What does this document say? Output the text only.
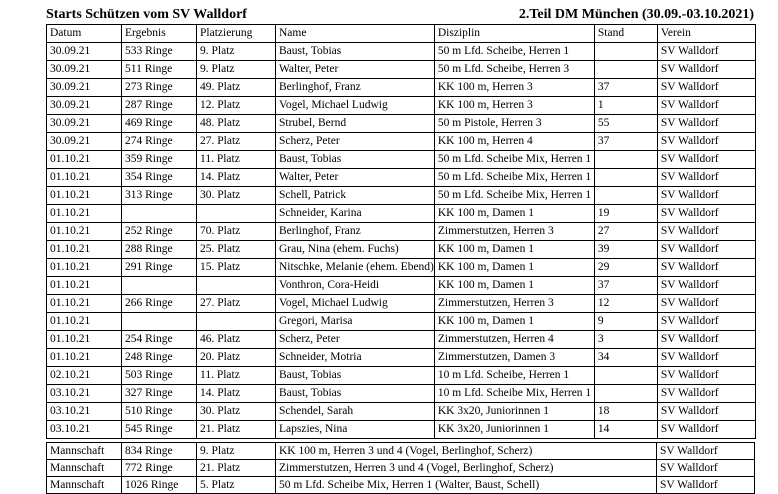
Starts Schützen vom SV Walldorf	2.Teil DM München (30.09.-03.10.2021)
Datum	Ergebnis	Platzierung	Name	Disziplin	Stand	Verein
30.09.21	533 Ringe	9. Platz	Baust, Tobias	50 m Lfd. Scheibe, Herren 1		SV Walldorf
30.09.21	511 Ringe	9. Platz	Walter, Peter	50 m Lfd. Scheibe, Herren 3		SV Walldorf
30.09.21	273 Ringe	49. Platz	Berlinghof, Franz	KK 100 m, Herren 3	37	SV Walldorf
30.09.21	287 Ringe	12. Platz	Vogel, Michael Ludwig	KK 100 m, Herren 3	1	SV Walldorf
30.09.21	469 Ringe	48. Platz	Strubel, Bernd	50 m Pistole, Herren 3	55	SV Walldorf
30.09.21	274 Ringe	27. Platz	Scherz, Peter	KK 100 m, Herren 4	37	SV Walldorf
01.10.21	359 Ringe	11. Platz	Baust, Tobias	50 m Lfd. Scheibe Mix, Herren 1		SV Walldorf
01.10.21	354 Ringe	14. Platz	Walter, Peter	50 m Lfd. Scheibe Mix, Herren 1		SV Walldorf
01.10.21	313 Ringe	30. Platz	Schell, Patrick	50 m Lfd. Scheibe Mix, Herren 1		SV Walldorf
01.10.21			Schneider, Karina	KK 100 m, Damen 1	19	SV Walldorf
01.10.21	252 Ringe	70. Platz	Berlinghof, Franz	Zimmerstutzen, Herren 3	27	SV Walldorf
01.10.21	288 Ringe	25. Platz	Grau, Nina (ehem. Fuchs)	KK 100 m, Damen 1	39	SV Walldorf
01.10.21	291 Ringe	15. Platz	Nitschke, Melanie (ehem. Ebend)	KK 100 m, Damen 1	29	SV Walldorf
01.10.21			Vonthron, Cora-Heidi	KK 100 m, Damen 1	37	SV Walldorf
01.10.21	266 Ringe	27. Platz	Vogel, Michael Ludwig	Zimmerstutzen, Herren 3	12	SV Walldorf
01.10.21			Gregori, Marisa	KK 100 m, Damen 1	9	SV Walldorf
01.10.21	254 Ringe	46. Platz	Scherz, Peter	Zimmerstutzen, Herren 4	3	SV Walldorf
01.10.21	248 Ringe	20. Platz	Schneider, Motria	Zimmerstutzen, Damen 3	34	SV Walldorf
02.10.21	503 Ringe	11. Platz	Baust, Tobias	10 m Lfd. Scheibe, Herren 1		SV Walldorf
03.10.21	327 Ringe	14. Platz	Baust, Tobias	10 m Lfd. Scheibe Mix, Herren 1		SV Walldorf
03.10.21	510 Ringe	30. Platz	Schendel, Sarah	KK 3x20, Juniorinnen 1	18	SV Walldorf
03.10.21	545 Ringe	21. Platz	Lapszies, Nina	KK 3x20, Juniorinnen 1	14	SV Walldorf
Mannschaft	834 Ringe	9. Platz	KK 100 m, Herren 3 und 4 (Vogel, Berlinghof, Scherz)	SV Walldorf
Mannschaft	772 Ringe	21. Platz	Zimmerstutzen, Herren 3 und 4 (Vogel, Berlinghof, Scherz)	SV Walldorf
Mannschaft	1026 Ringe	5. Platz	50 m Lfd. Scheibe Mix, Herren 1 (Walter, Baust, Schell)	SV Walldorf
